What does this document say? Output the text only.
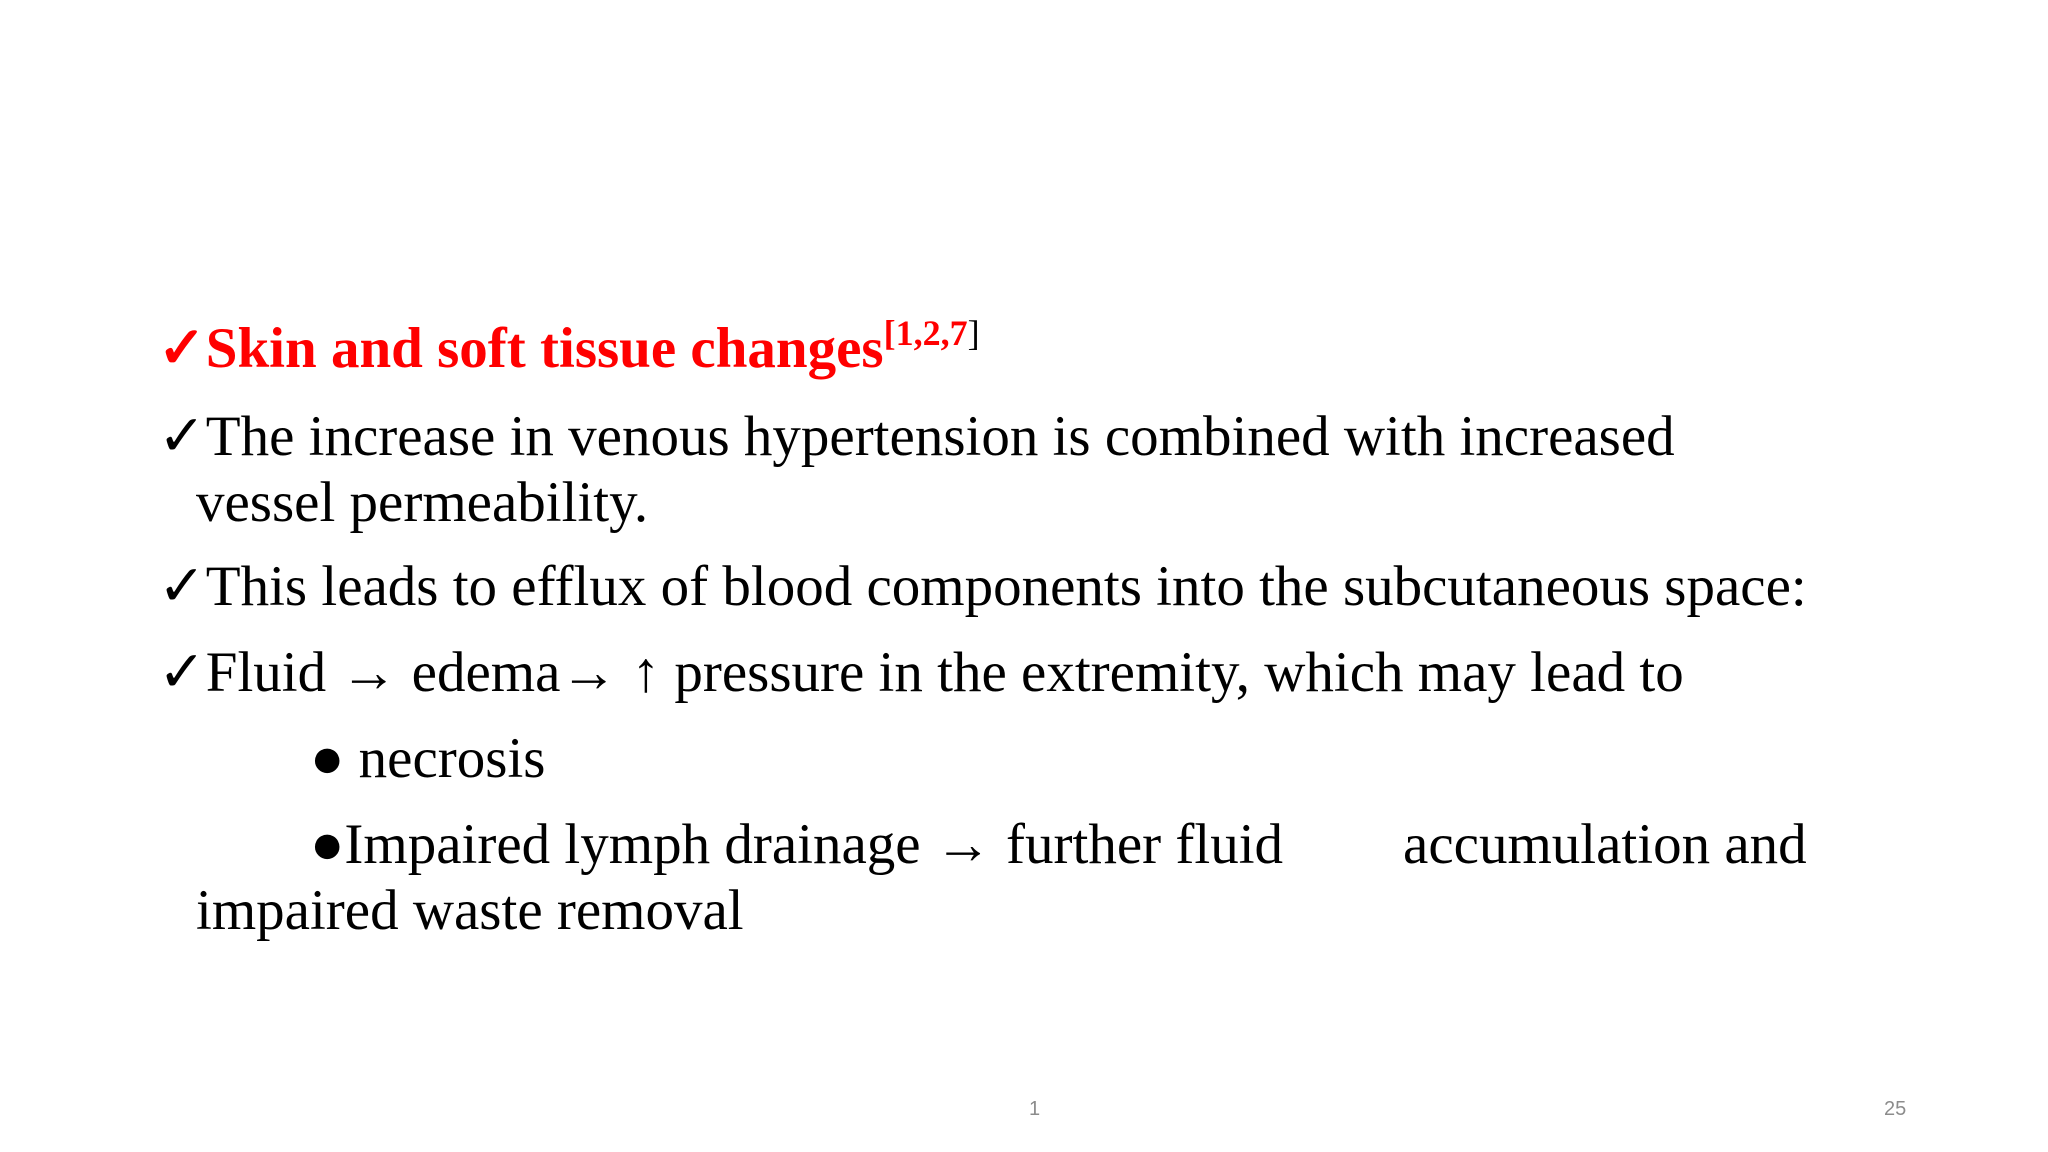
✓Skin and soft tissue changes[1,2,7]
✓The increase in venous hypertension is combined with increased
vessel permeability.
✓This leads to efflux of blood components into the subcutaneous space:
✓Fluid → edema→ ↑ pressure in the extremity, which may lead to
● necrosis
●Impaired lymph drainage → further fluid accumulation and
impaired waste removal
1	25
